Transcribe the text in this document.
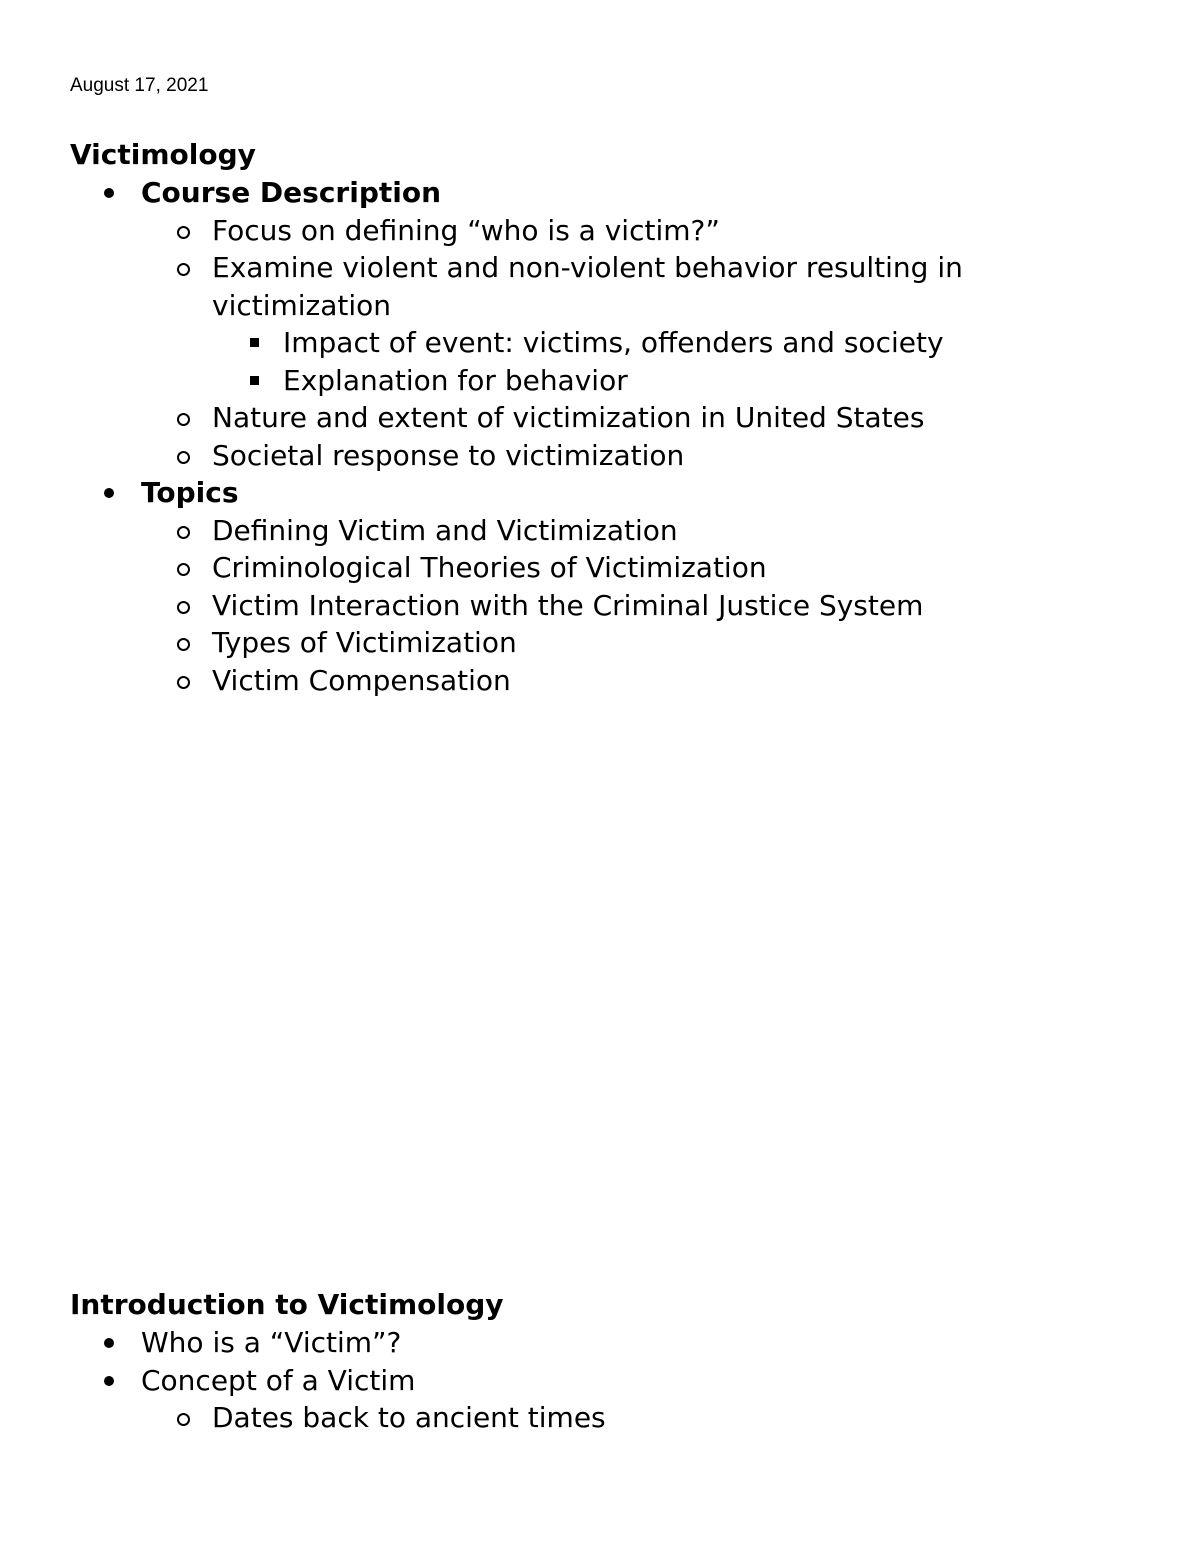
August 17, 2021
Victimology
Course Description
Focus on defining “who is a victim?”
Examine violent and non-violent behavior resulting in victimization
Impact of event: victims, offenders and society
Explanation for behavior
Nature and extent of victimization in United States
Societal response to victimization
Topics
Defining Victim and Victimization
Criminological Theories of Victimization
Victim Interaction with the Criminal Justice System
Types of Victimization
Victim Compensation
Introduction to Victimology
Who is a “Victim”?
Concept of a Victim
Dates back to ancient times
